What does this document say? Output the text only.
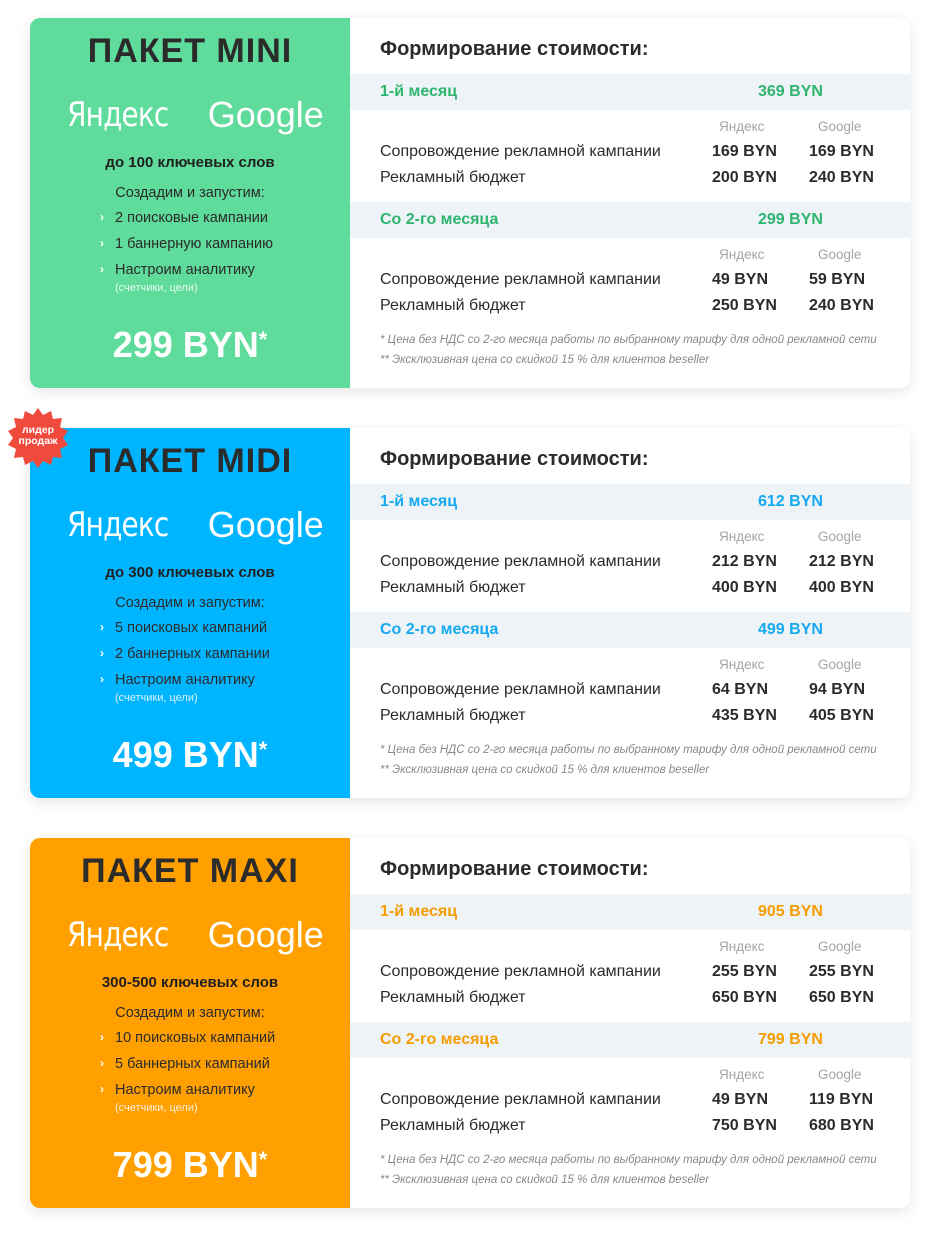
ПАКЕТ MINI
Яндекс Google
до 100 ключевых слов
Создадим и запустим:
› 2 поисковые кампании
› 1 баннерную кампанию
› Настроим аналитику
(счетчики, цели)
299 BYN*
Формирование стоимости:
1-й месяц	369 BYN
Яндекс	Google
Сопровождение рекламной кампании	169 BYN 169 BYN
Рекламный бюджет	200 BYN 240 BYN
Со 2-го месяца	299 BYN
Яндекс	Google
Сопровождение рекламной кампании	49 BYN	59 BYN
Рекламный бюджет	250 BYN 240 BYN
* Цена без НДС со 2-го месяца работы по выбранному тарифу для одной рекламной сети
** Эксклюзивная цена со скидкой 15 % для клиентов beseller
лидер продаж
ПАКЕТ MIDI
Яндекс Google
до 300 ключевых слов
Создадим и запустим:
› 5 поисковых кампаний
› 2 баннерных кампании
› Настроим аналитику
(счетчики, цели)
499 BYN*
Формирование стоимости:
1-й месяц	612 BYN
Яндекс	Google
Сопровождение рекламной кампании	212 BYN 212 BYN
Рекламный бюджет	400 BYN 400 BYN
Со 2-го месяца	499 BYN
Яндекс	Google
Сопровождение рекламной кампании	64 BYN	94 BYN
Рекламный бюджет	435 BYN 405 BYN
* Цена без НДС со 2-го месяца работы по выбранному тарифу для одной рекламной сети
** Эксклюзивная цена со скидкой 15 % для клиентов beseller
ПАКЕТ MAXI
Яндекс Google
300-500 ключевых слов
Создадим и запустим:
› 10 поисковых кампаний
› 5 баннерных кампаний
› Настроим аналитику
(счетчики, цели)
799 BYN*
Формирование стоимости:
1-й месяц	905 BYN
Яндекс	Google
Сопровождение рекламной кампании	255 BYN 255 BYN
Рекламный бюджет	650 BYN 650 BYN
Со 2-го месяца	799 BYN
Яндекс	Google
Сопровождение рекламной кампании	49 BYN	119 BYN
Рекламный бюджет	750 BYN 680 BYN
* Цена без НДС со 2-го месяца работы по выбранному тарифу для одной рекламной сети
** Эксклюзивная цена со скидкой 15 % для клиентов beseller
